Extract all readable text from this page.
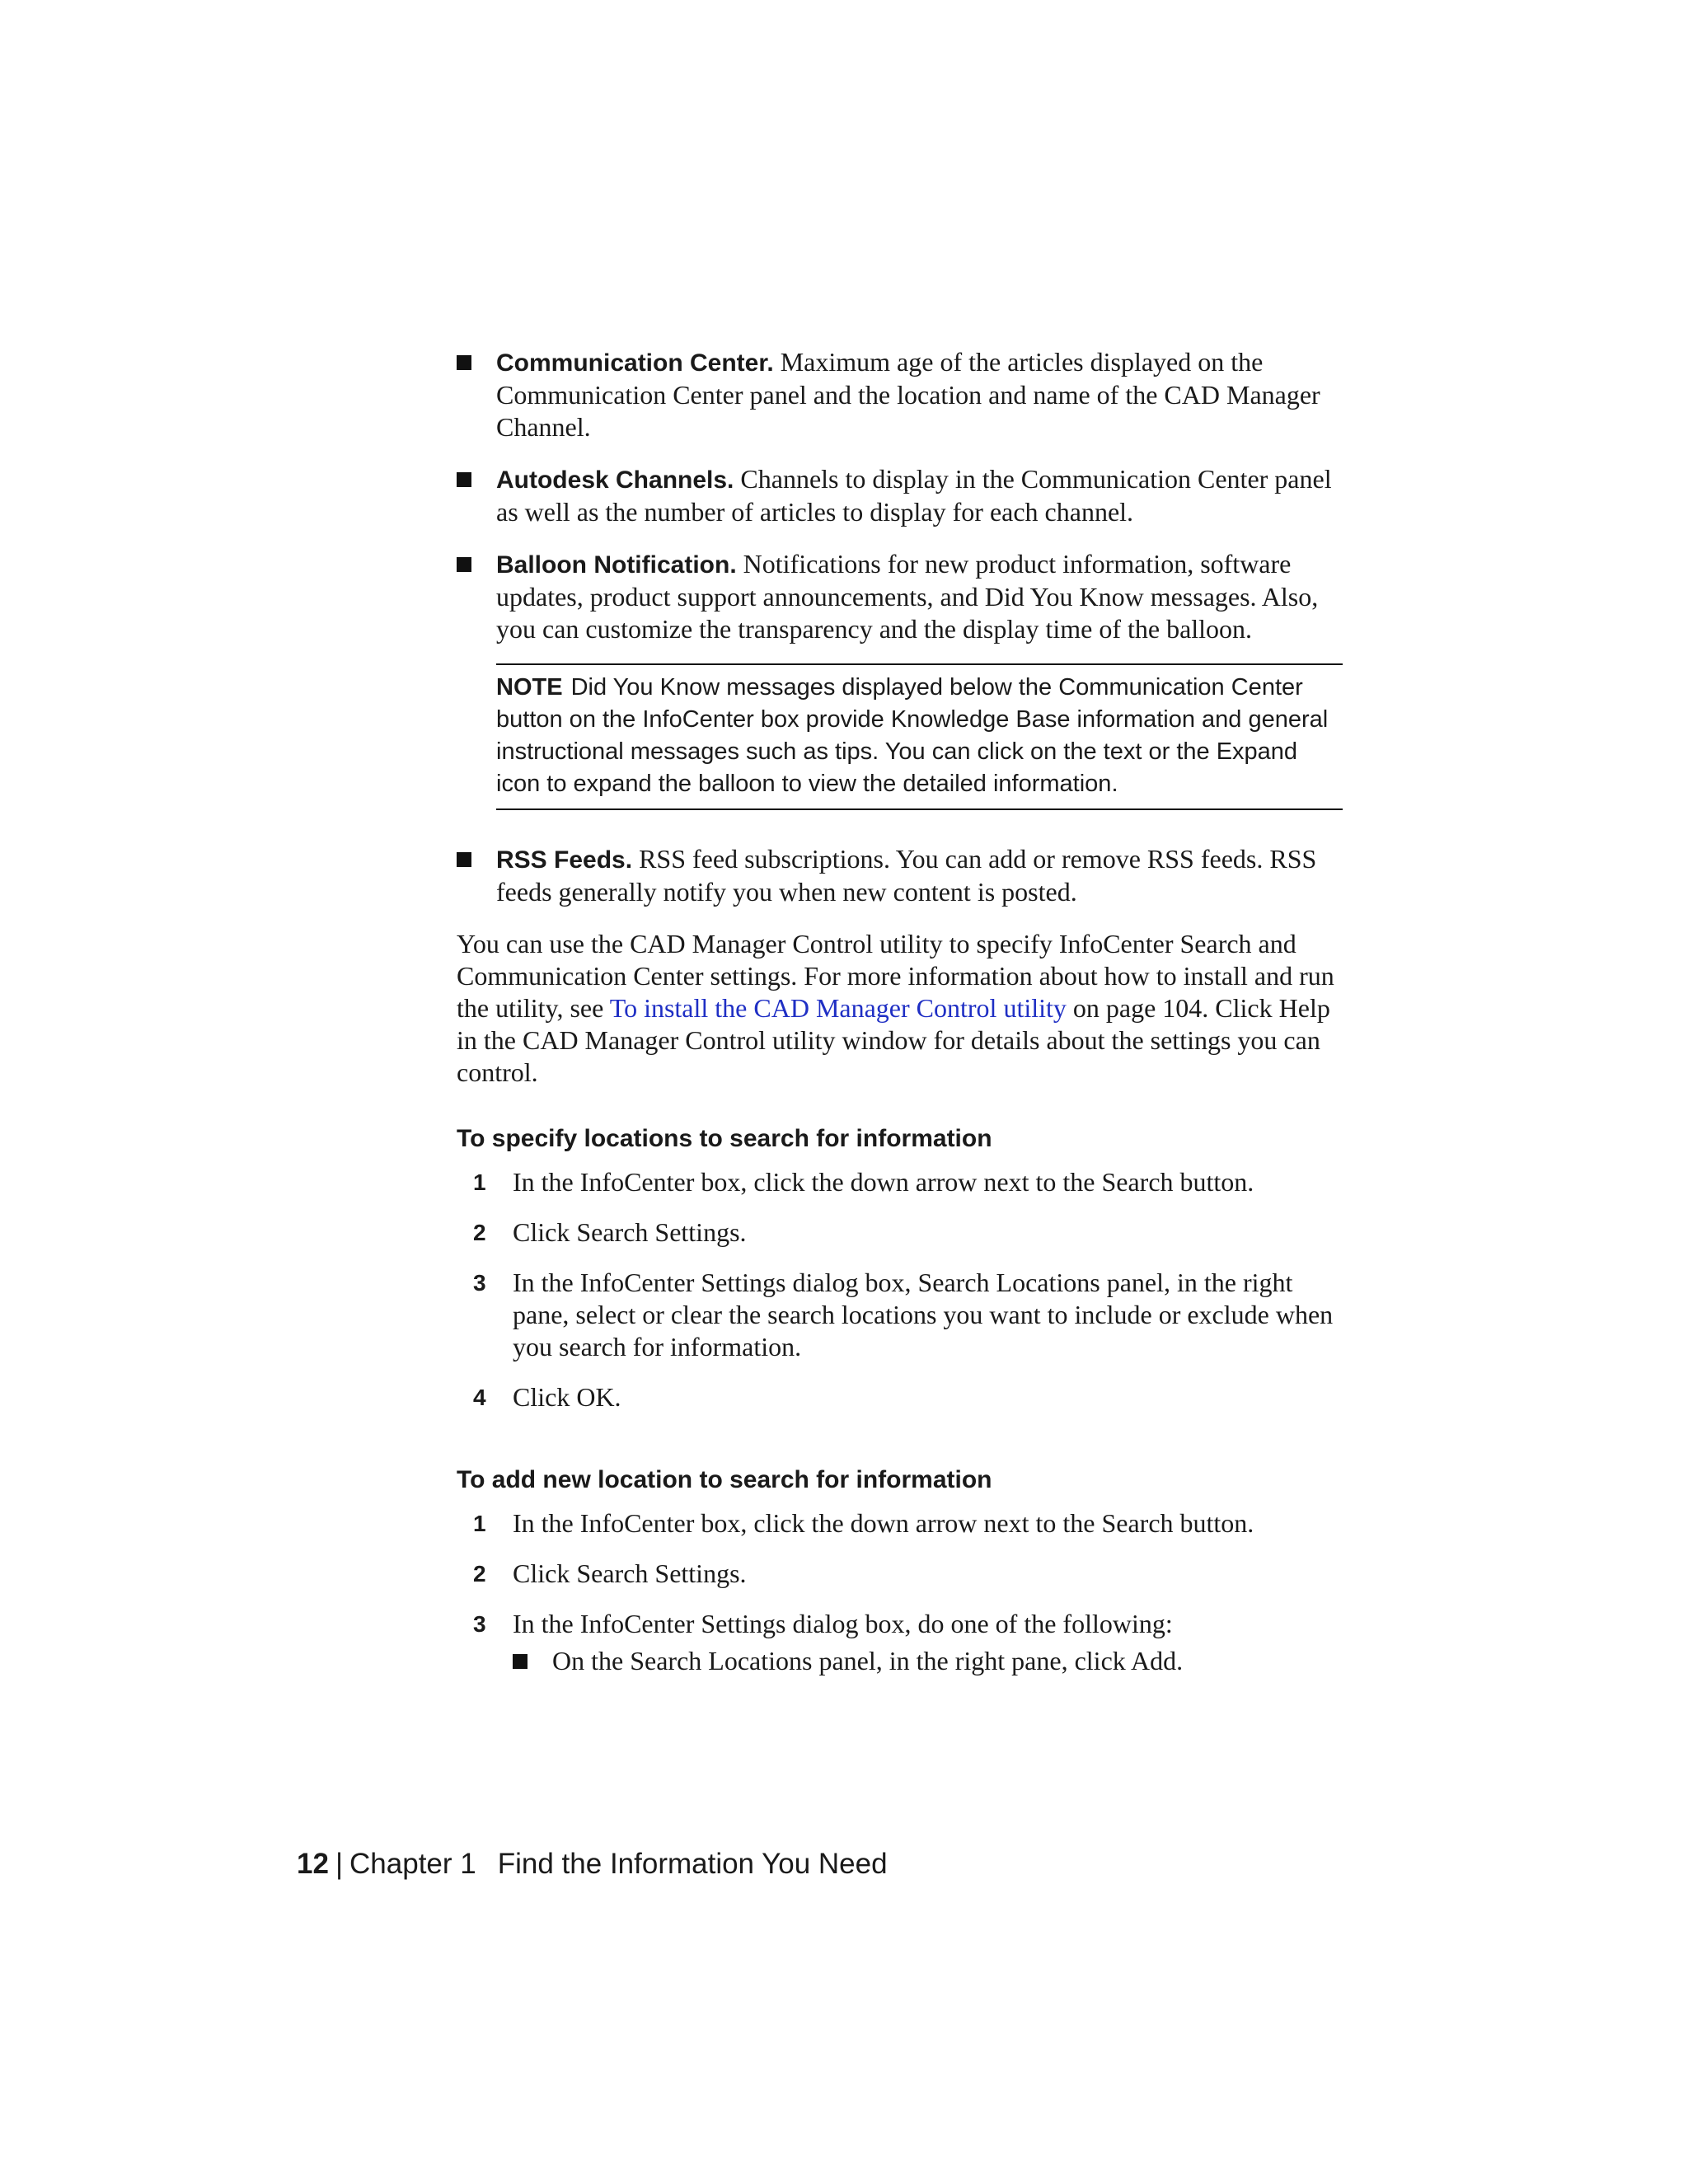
Communication Center. Maximum age of the articles displayed on the Communication Center panel and the location and name of the CAD Manager Channel.
Autodesk Channels. Channels to display in the Communication Center panel as well as the number of articles to display for each channel.
Balloon Notification. Notifications for new product information, software updates, product support announcements, and Did You Know messages. Also, you can customize the transparency and the display time of the balloon.
NOTE Did You Know messages displayed below the Communication Center button on the InfoCenter box provide Knowledge Base information and general instructional messages such as tips. You can click on the text or the Expand icon to expand the balloon to view the detailed information.
RSS Feeds. RSS feed subscriptions. You can add or remove RSS feeds. RSS feeds generally notify you when new content is posted.
You can use the CAD Manager Control utility to specify InfoCenter Search and Communication Center settings. For more information about how to install and run the utility, see To install the CAD Manager Control utility on page 104. Click Help in the CAD Manager Control utility window for details about the settings you can control.
To specify locations to search for information
1 In the InfoCenter box, click the down arrow next to the Search button.
2 Click Search Settings.
3 In the InfoCenter Settings dialog box, Search Locations panel, in the right pane, select or clear the search locations you want to include or exclude when you search for information.
4 Click OK.
To add new location to search for information
1 In the InfoCenter box, click the down arrow next to the Search button.
2 Click Search Settings.
3 In the InfoCenter Settings dialog box, do one of the following:
On the Search Locations panel, in the right pane, click Add.
12 | Chapter 1 Find the Information You Need
